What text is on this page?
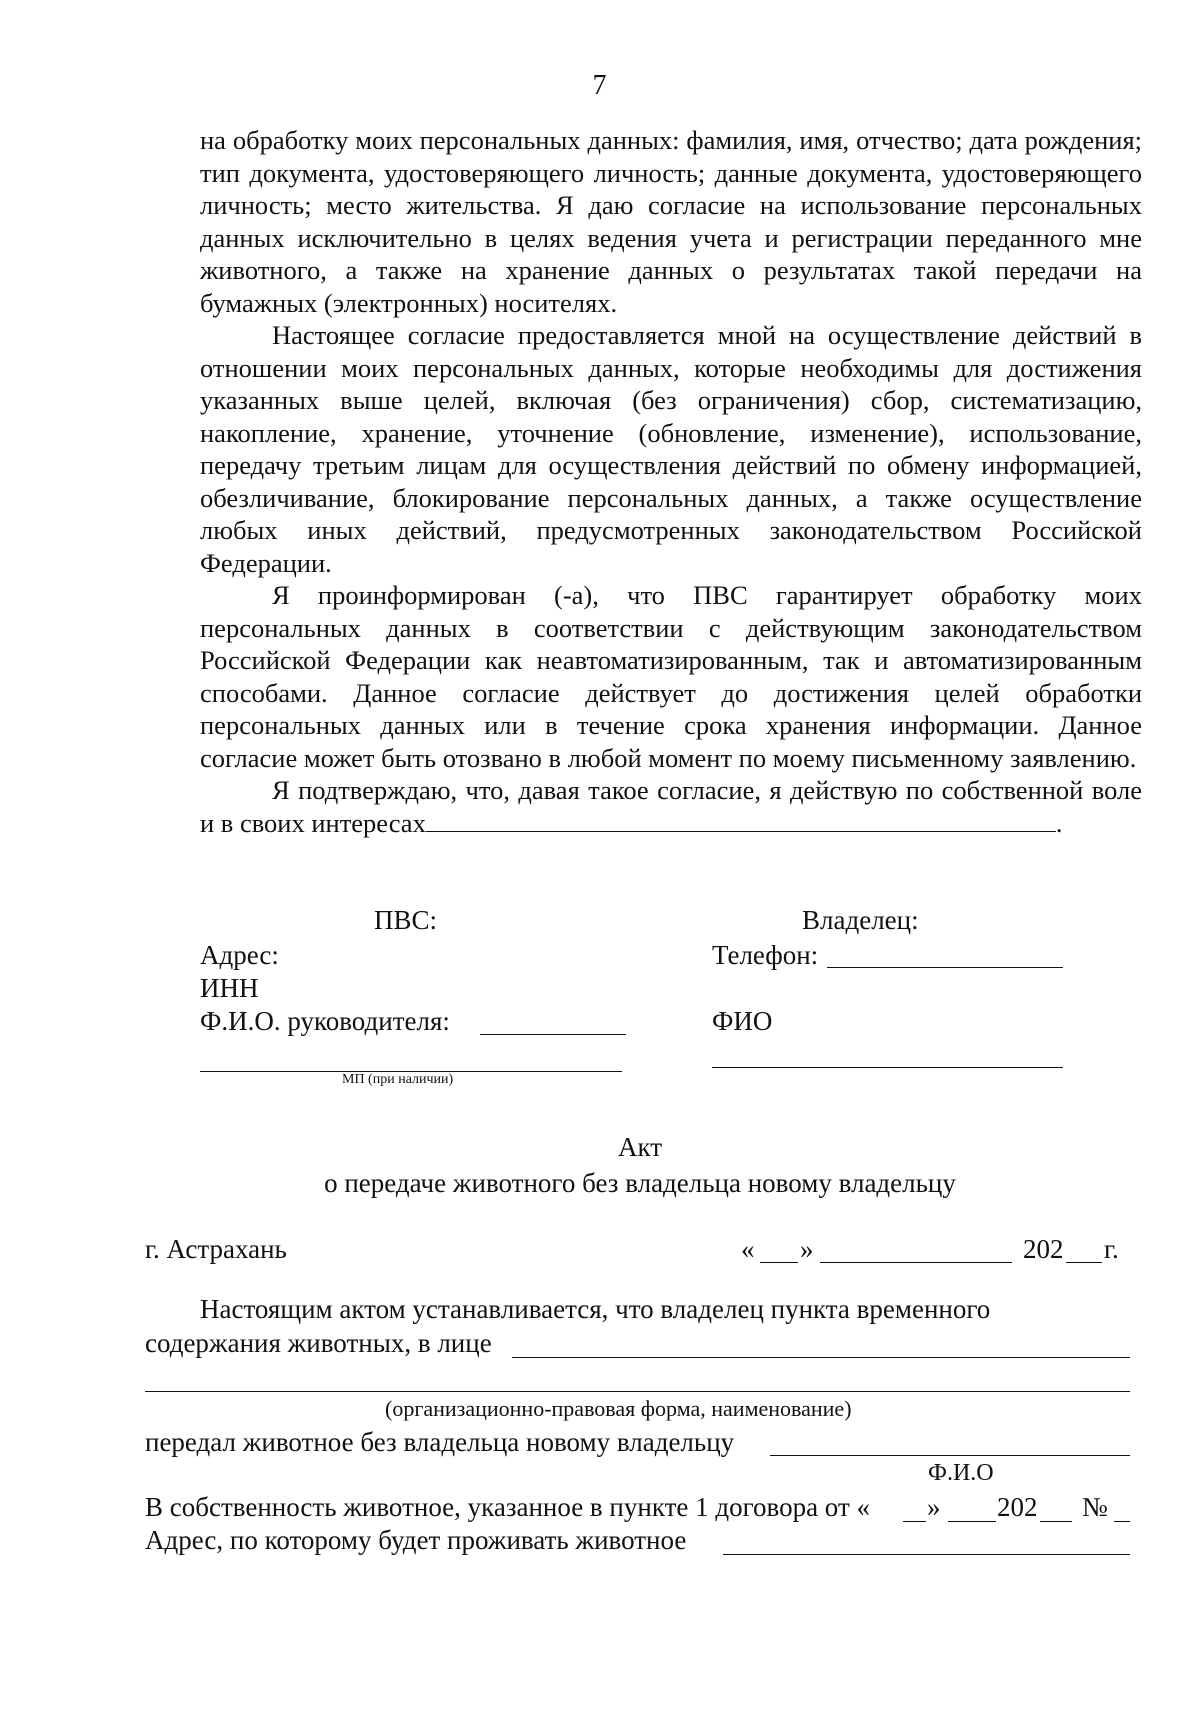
7

на обработку моих персональных данных: фамилия, имя, отчество; дата рождения; тип документа, удостоверяющего личность; данные документа, удостоверяющего личность; место жительства. Я даю согласие на использование персональных данных исключительно в целях ведения учета и регистрации переданного мне животного, а также на хранение данных о результатах такой передачи на бумажных (электронных) носителях.

Настоящее согласие предоставляется мной на осуществление действий в отношении моих персональных данных, которые необходимы для достижения указанных выше целей, включая (без ограничения) сбор, систематизацию, накопление, хранение, уточнение (обновление, изменение), использование, передачу третьим лицам для осуществления действий по обмену информацией, обезличивание, блокирование персональных данных, а также осуществление любых иных действий, предусмотренных законодательством Российской Федерации.

Я проинформирован (-а), что ПВС гарантирует обработку моих персональных данных в соответствии с действующим законодательством Российской Федерации как неавтоматизированным, так и автоматизированным способами. Данное согласие действует до достижения целей обработки персональных данных или в течение срока хранения информации. Данное согласие может быть отозвано в любой момент по моему письменному заявлению.

Я подтверждаю, что, давая такое согласие, я действую по собственной воле и в своих интересах	.

ПВС:	Владелец:
Адрес:	Телефон:
ИНН
Ф.И.О. руководителя:	ФИО
МП (при наличии)
Акт
о передаче животного без владельца новому владельцу
г. Астрахань	« »	202 г.
Настоящим актом устанавливается, что владелец пункта временного
содержания животных, в лице
(организационно-правовая форма, наименование)
передал животное без владельца новому владельцу
Ф.И.О
В собственность животное, указанное в пункте 1 договора от « » 202 №
Адрес, по которому будет проживать животное
